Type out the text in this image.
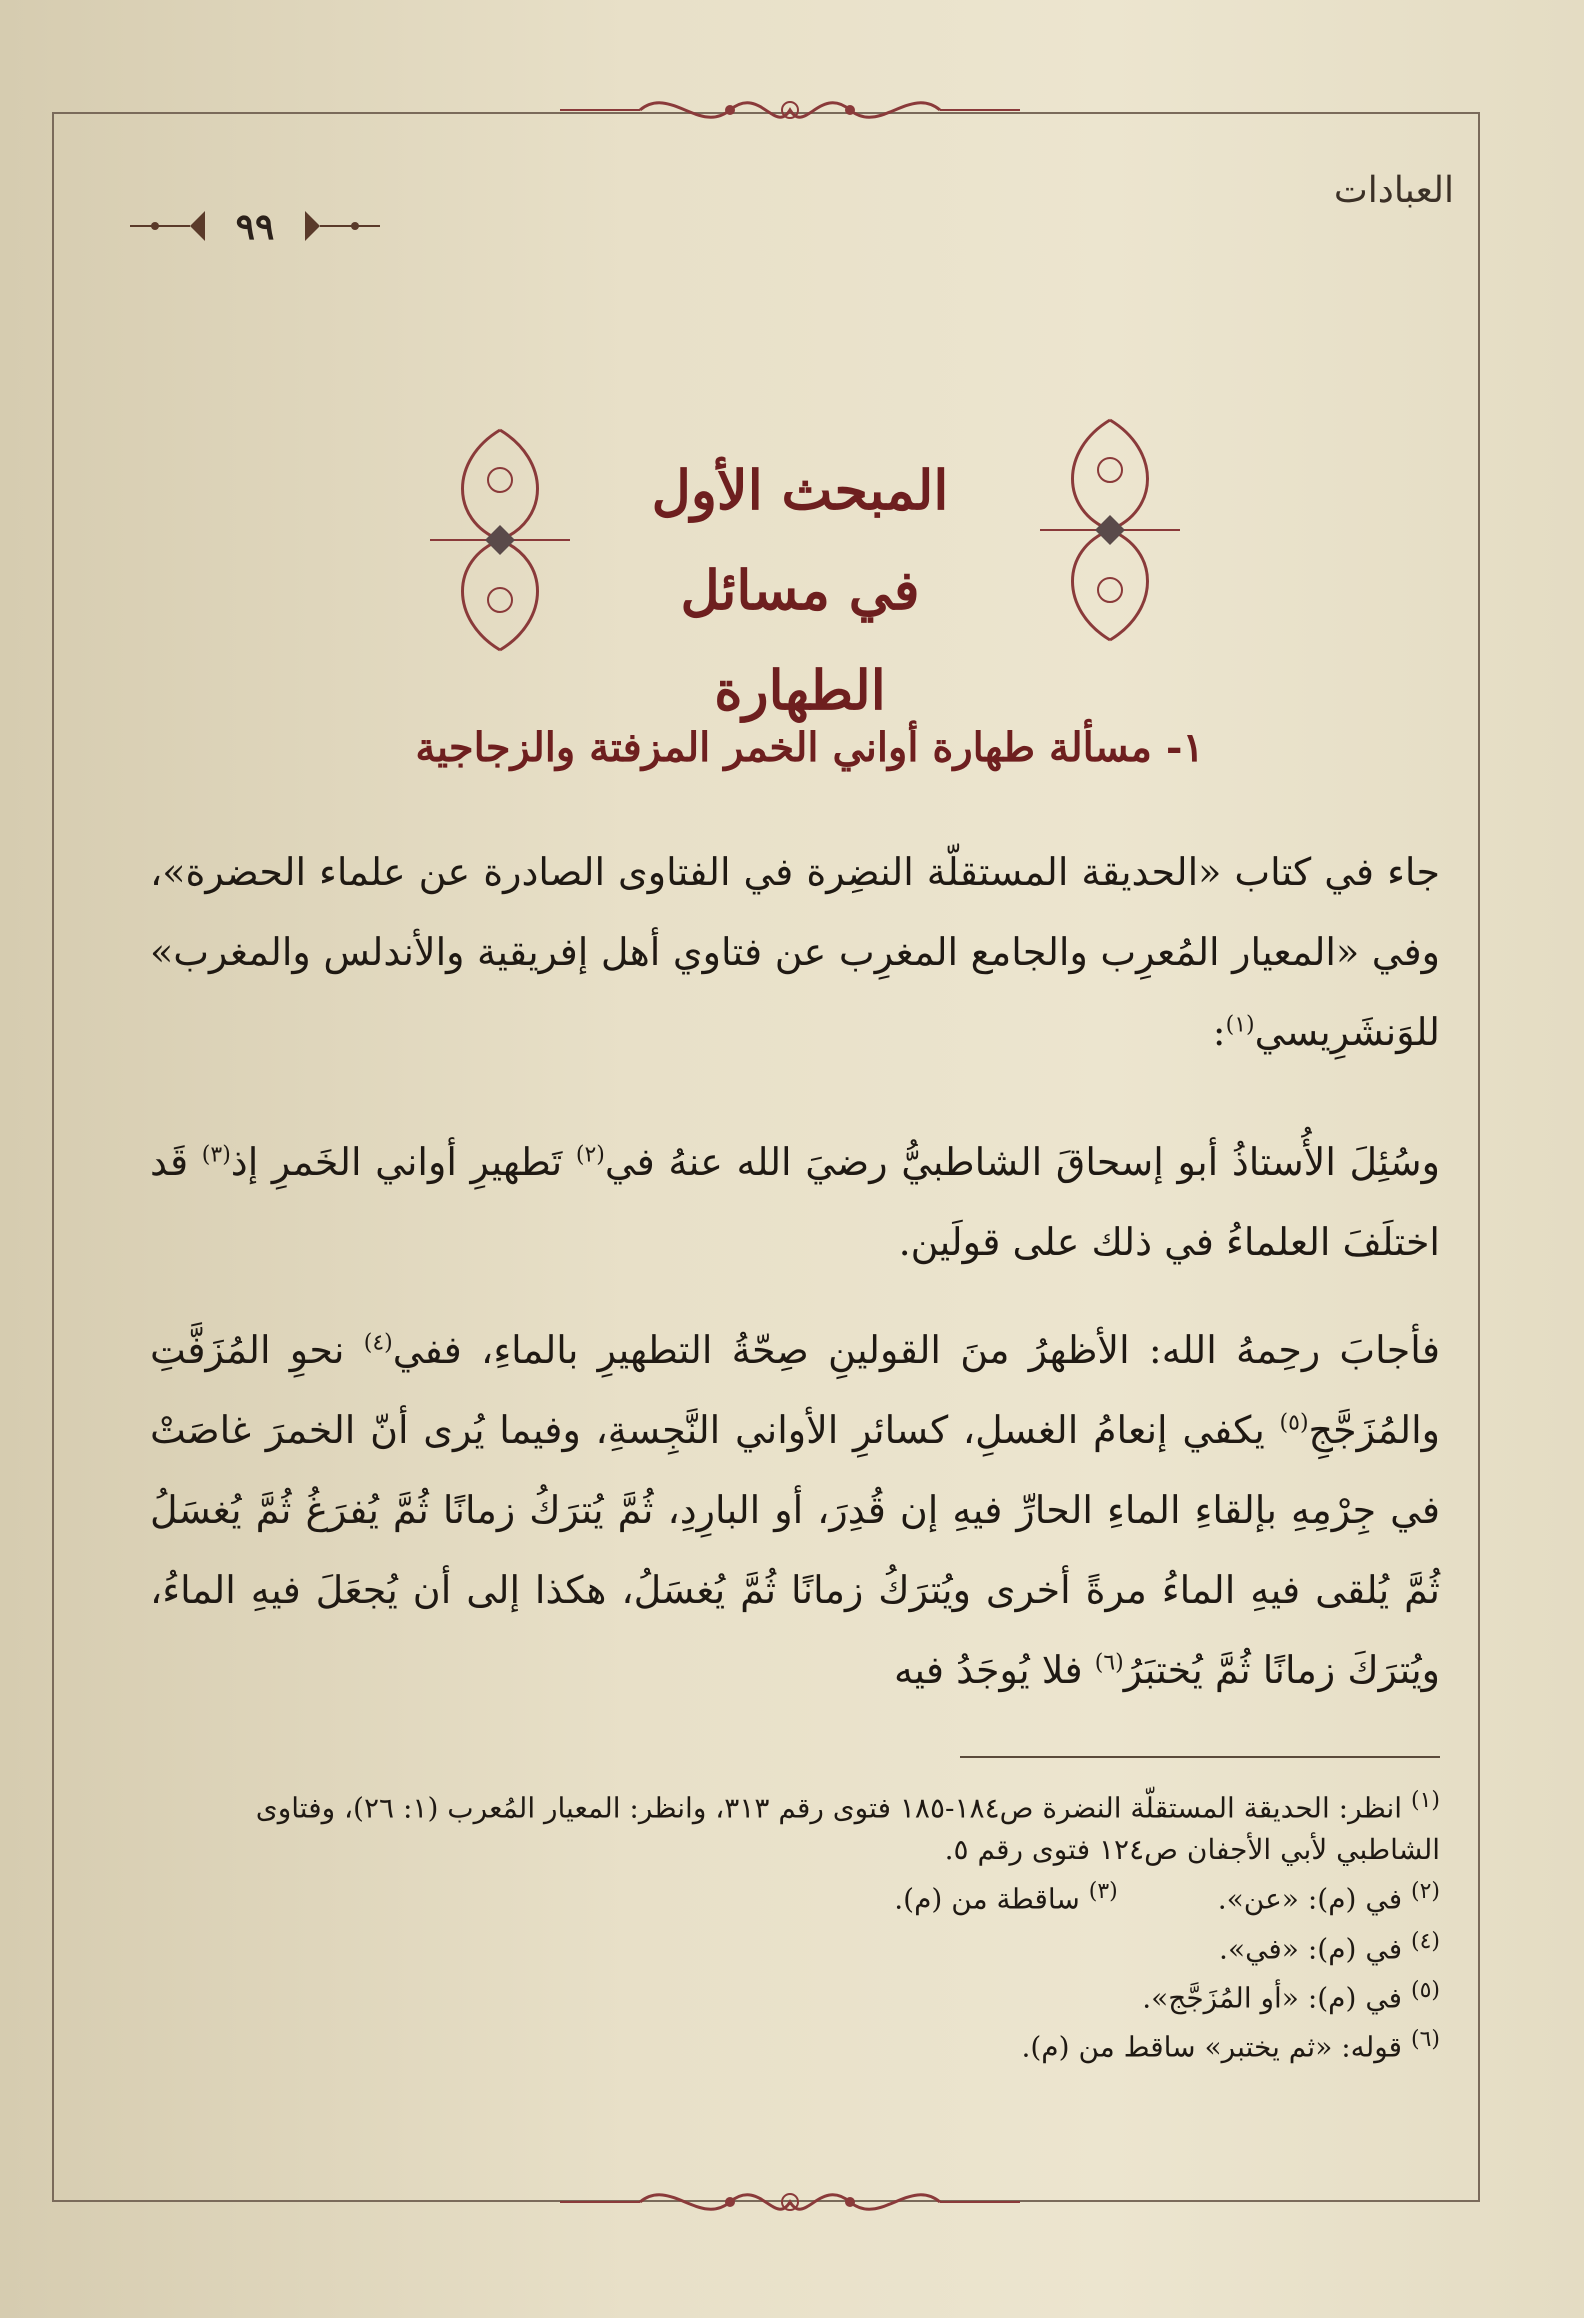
العبادات
٩٩
المبحث الأول
في مسائل الطهارة
١- مسألة طهارة أواني الخمر المزفتة والزجاجية
جاء في كتاب «الحديقة المستقلّة النضِرة في الفتاوى الصادرة عن علماء الحضرة»، وفي «المعيار المُعرِب والجامع المغرِب عن فتاوي أهل إفريقية والأندلس والمغرب» للوَنشَرِيسي$^{(١)}$:
وسُئِلَ الأُستاذُ أبو إسحاقَ الشاطبيُّ رضيَ الله عنهُ في$^{(٢)}$ تَطهيرِ أواني الخَمرِ إذ$^{(٣)}$ قَد اختلَفَ العلماءُ في ذلك على قولَين.
فأجابَ رحِمهُ الله: الأظهرُ منَ القولينِ صِحّةُ التطهيرِ بالماءِ، ففي$^{(٤)}$ نحوِ المُزَفَّتِ والمُزَجَّجِ$^{(٥)}$ يكفي إنعامُ الغسلِ، كسائرِ الأواني النَّجِسةِ، وفيما يُرى أنّ الخمرَ غاصَتْ في جِرْمِهِ بإلقاءِ الماءِ الحارِّ فيهِ إن قُدِرَ، أو البارِدِ، ثُمَّ يُترَكُ زمانًا ثُمَّ يُفرَغُ ثُمَّ يُغسَلُ ثُمَّ يُلقى فيهِ الماءُ مرةً أخرى ويُترَكُ زمانًا ثُمَّ يُغسَلُ، هكذا إلى أن يُجعَلَ فيهِ الماءُ، ويُترَكَ زمانًا ثُمَّ يُختبَرُ$^{(٦)}$ فلا يُوجَدُ فيه
$^{(١)}$ انظر: الحديقة المستقلّة النضرة ص١٨٤-١٨٥ فتوى رقم ٣١٣، وانظر: المعيار المُعرب (١: ٢٦)، وفتاوى الشاطبي لأبي الأجفان ص١٢٤ فتوى رقم ٥.
$^{(٢)}$ في (م): «عن».
$^{(٣)}$ ساقطة من (م).
$^{(٤)}$ في (م): «في».
$^{(٥)}$ في (م): «أو المُزَجَّج».
$^{(٦)}$ قوله: «ثم يختبر» ساقط من (م).
